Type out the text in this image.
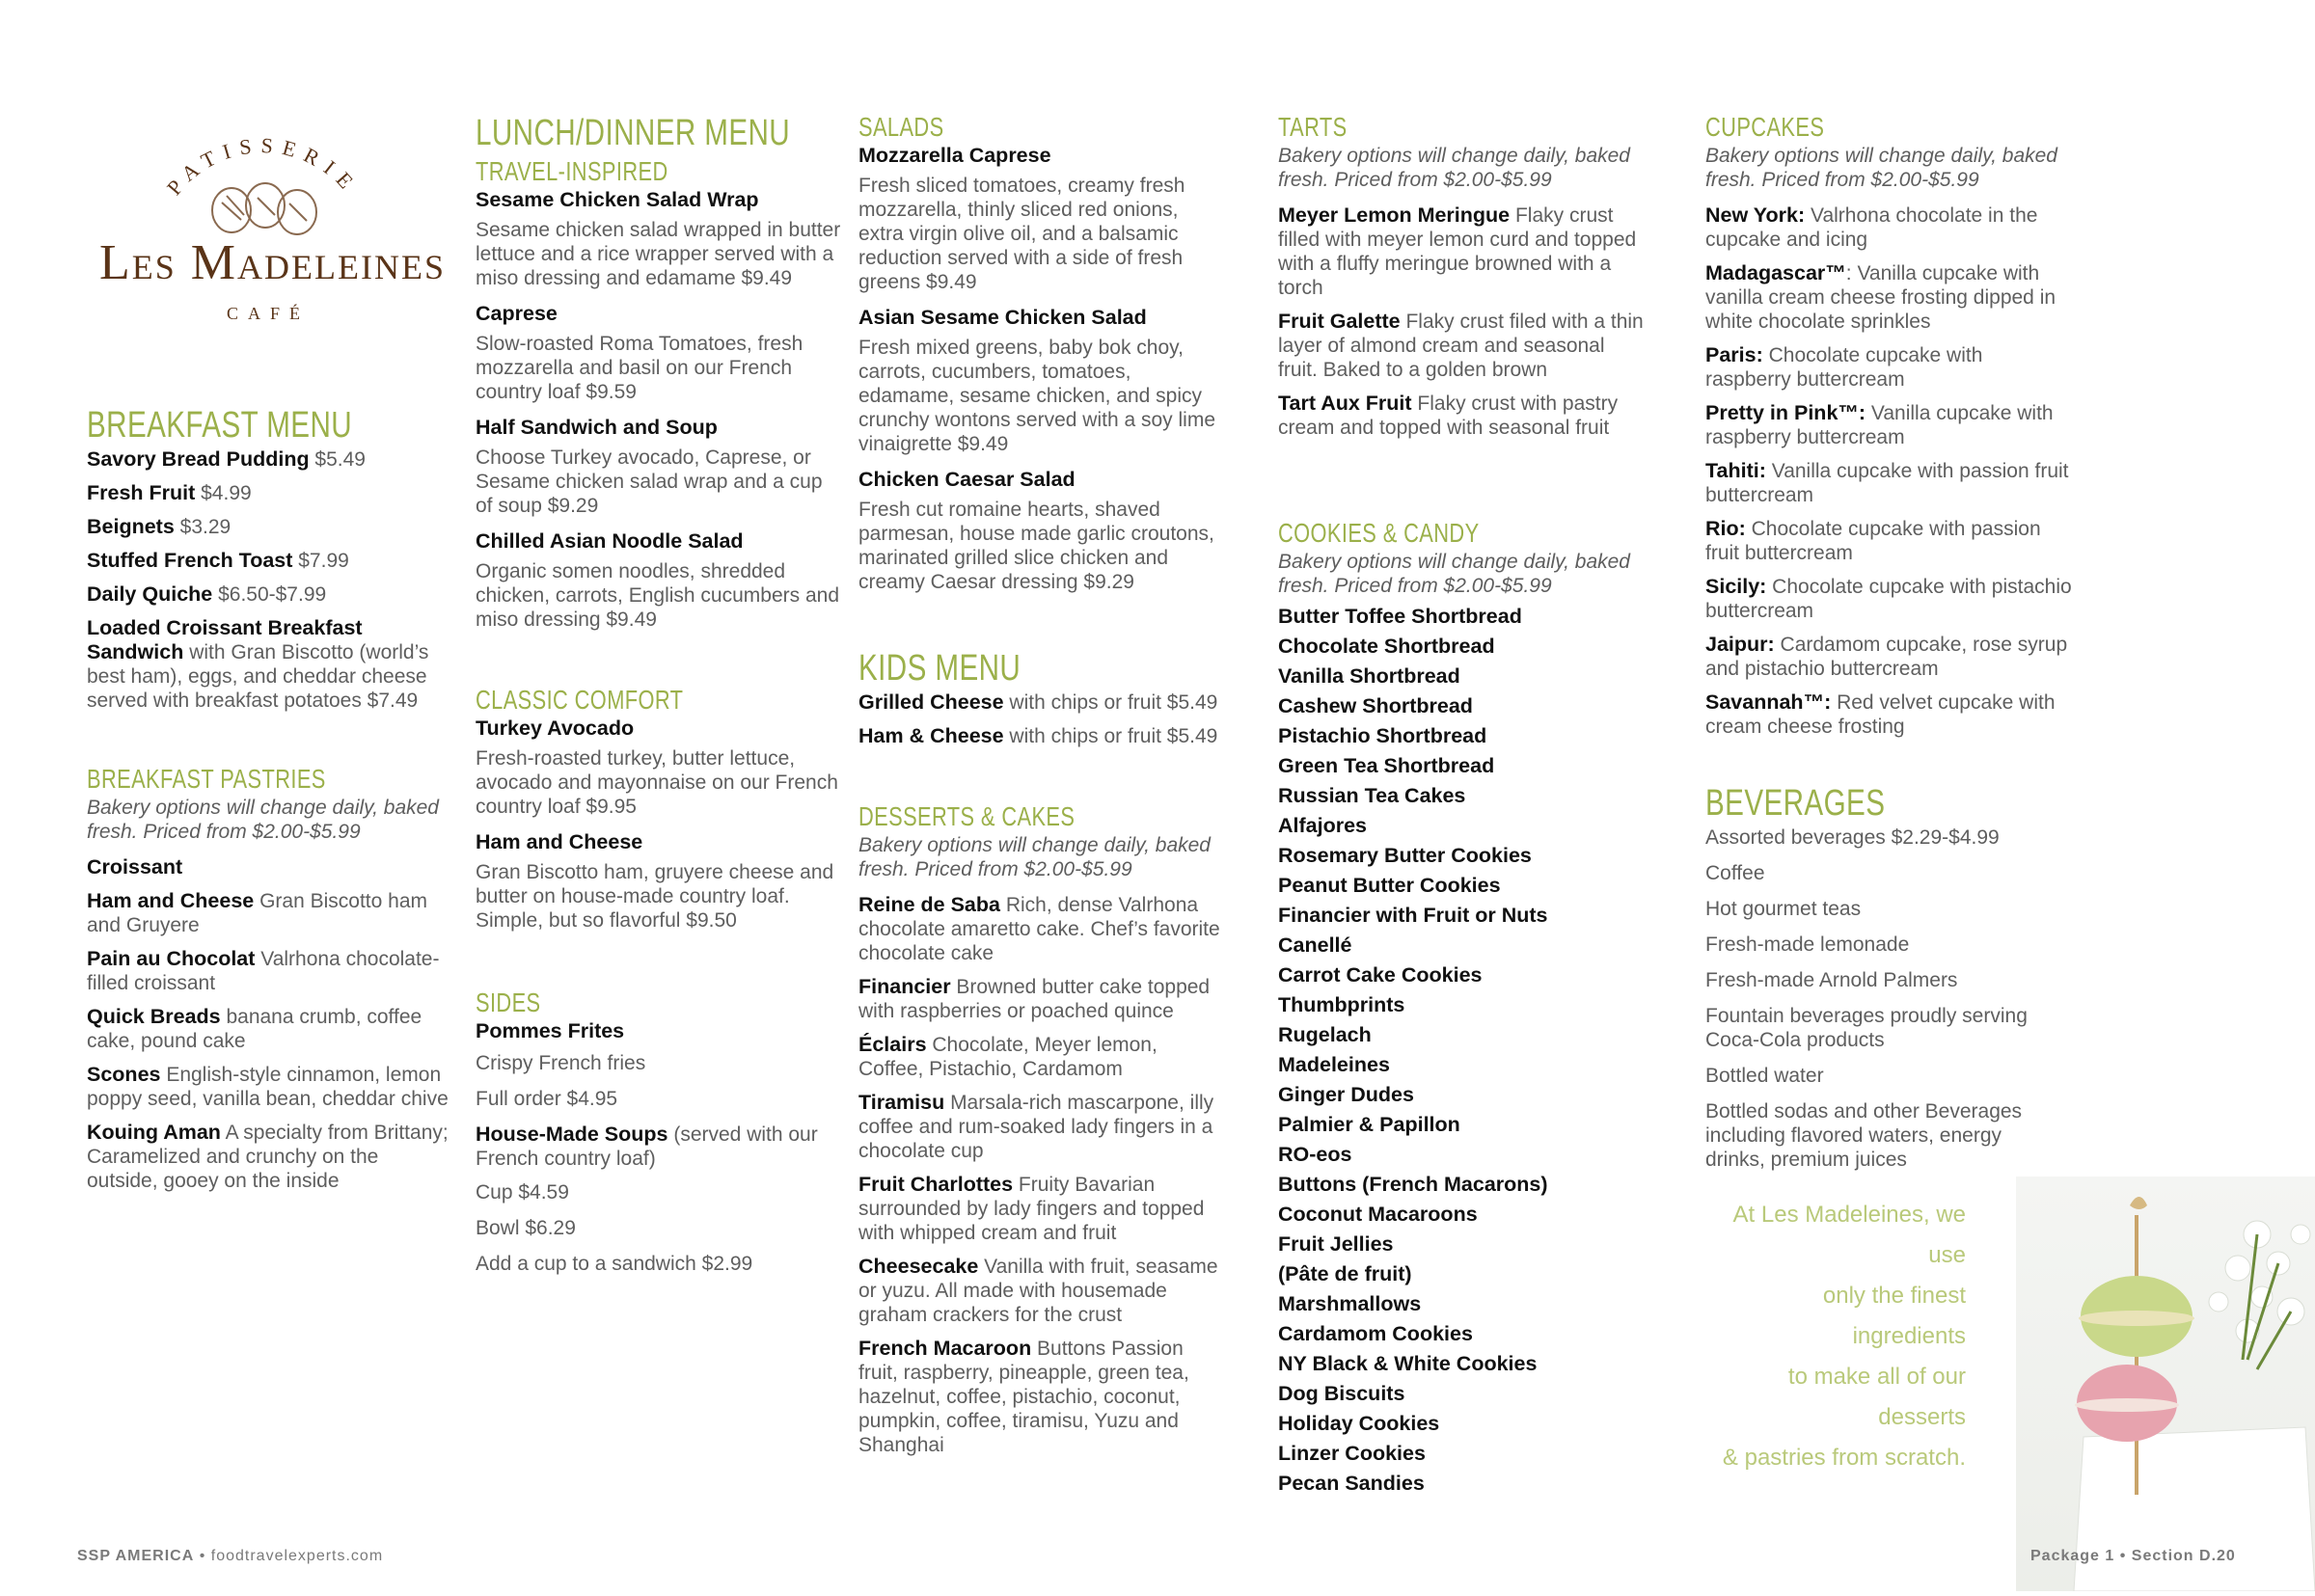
PATISSERIE
Les Madeleines
CAFÉ
BREAKFAST MENU
Savory Bread Pudding $5.49
Fresh Fruit $4.99
Beignets $3.29
Stuffed French Toast $7.99
Daily Quiche $6.50-$7.99
Loaded Croissant Breakfast Sandwich with Gran Biscotto (world’s best ham), eggs, and cheddar cheese served with breakfast potatoes $7.49
BREAKFAST PASTRIES
Bakery options will change daily, baked fresh. Priced from $2.00-$5.99
Croissant
Ham and Cheese Gran Biscotto ham and Gruyere
Pain au Chocolat Valrhona chocolate-filled croissant
Quick Breads banana crumb, coffee cake, pound cake
Scones English-style cinnamon, lemon poppy seed, vanilla bean, cheddar chive
Kouing Aman A specialty from Brittany; Caramelized and crunchy on the outside, gooey on the inside
LUNCH/DINNER MENU
TRAVEL-INSPIRED
Sesame Chicken Salad Wrap
Sesame chicken salad wrapped in butter lettuce and a rice wrapper served with a miso dressing and edamame $9.49
Caprese
Slow-roasted Roma Tomatoes, fresh mozzarella and basil on our French country loaf $9.59
Half Sandwich and Soup
Choose Turkey avocado, Caprese, or Sesame chicken salad wrap and a cup of soup $9.29
Chilled Asian Noodle Salad
Organic somen noodles, shredded chicken, carrots, English cucumbers and miso dressing $9.49
CLASSIC COMFORT
Turkey Avocado
Fresh-roasted turkey, butter lettuce, avocado and mayonnaise on our French country loaf $9.95
Ham and Cheese
Gran Biscotto ham, gruyere cheese and butter on house-made country loaf. Simple, but so flavorful $9.50
SIDES
Pommes Frites
Crispy French fries
Full order $4.95
House-Made Soups (served with our French country loaf)
Cup $4.59
Bowl $6.29
Add a cup to a sandwich $2.99
SALADS
Mozzarella Caprese
Fresh sliced tomatoes, creamy fresh mozzarella, thinly sliced red onions, extra virgin olive oil, and a balsamic reduction served with a side of fresh greens $9.49
Asian Sesame Chicken Salad
Fresh mixed greens, baby bok choy, carrots, cucumbers, tomatoes, edamame, sesame chicken, and spicy crunchy wontons served with a soy lime vinaigrette $9.49
Chicken Caesar Salad
Fresh cut romaine hearts, shaved parmesan, house made garlic croutons, marinated grilled slice chicken and creamy Caesar dressing $9.29
KIDS MENU
Grilled Cheese with chips or fruit $5.49
Ham & Cheese with chips or fruit $5.49
DESSERTS & CAKES
Bakery options will change daily, baked fresh. Priced from $2.00-$5.99
Reine de Saba Rich, dense Valrhona chocolate amaretto cake. Chef’s favorite chocolate cake
Financier Browned butter cake topped with raspberries or poached quince
Éclairs Chocolate, Meyer lemon, Coffee, Pistachio, Cardamom
Tiramisu Marsala-rich mascarpone, illy coffee and rum-soaked lady fingers in a chocolate cup
Fruit Charlottes Fruity Bavarian surrounded by lady fingers and topped with whipped cream and fruit
Cheesecake Vanilla with fruit, seasame or yuzu. All made with housemade graham crackers for the crust
French Macaroon Buttons Passion fruit, raspberry, pineapple, green tea, hazelnut, coffee, pistachio, coconut, pumpkin, coffee, tiramisu, Yuzu and Shanghai
TARTS
Bakery options will change daily, baked fresh. Priced from $2.00-$5.99
Meyer Lemon Meringue Flaky crust filled with meyer lemon curd and topped with a fluffy meringue browned with a torch
Fruit Galette Flaky crust filed with a thin layer of almond cream and seasonal fruit. Baked to a golden brown
Tart Aux Fruit Flaky crust with pastry cream and topped with seasonal fruit
COOKIES & CANDY
Bakery options will change daily, baked fresh. Priced from $2.00-$5.99
Butter Toffee Shortbread
Chocolate Shortbread
Vanilla Shortbread
Cashew Shortbread
Pistachio Shortbread
Green Tea Shortbread
Russian Tea Cakes
Alfajores
Rosemary Butter Cookies
Peanut Butter Cookies
Financier with Fruit or Nuts
Canellé
Carrot Cake Cookies
Thumbprints
Rugelach
Madeleines
Ginger Dudes
Palmier & Papillon
RO-eos
Buttons (French Macarons)
Coconut Macaroons
Fruit Jellies
(Pâte de fruit)
Marshmallows
Cardamom Cookies
NY Black & White Cookies
Dog Biscuits
Holiday Cookies
Linzer Cookies
Pecan Sandies
CUPCAKES
Bakery options will change daily, baked fresh. Priced from $2.00-$5.99
New York: Valrhona chocolate in the cupcake and icing
Madagascar™: Vanilla cupcake with vanilla cream cheese frosting dipped in white chocolate sprinkles
Paris: Chocolate cupcake with raspberry buttercream
Pretty in Pink™: Vanilla cupcake with raspberry buttercream
Tahiti: Vanilla cupcake with passion fruit buttercream
Rio: Chocolate cupcake with passion fruit buttercream
Sicily: Chocolate cupcake with pistachio buttercream
Jaipur: Cardamom cupcake, rose syrup and pistachio buttercream
Savannah™: Red velvet cupcake with cream cheese frosting
BEVERAGES
Assorted beverages $2.29-$4.99
Coffee
Hot gourmet teas
Fresh-made lemonade
Fresh-made Arnold Palmers
Fountain beverages proudly serving Coca-Cola products
Bottled water
Bottled sodas and other Beverages including flavored waters, energy drinks, premium juices
At Les Madeleines, we use
only the finest ingredients
to make all of our desserts
& pastries from scratch.
SSP AMERICA • foodtravelexperts.com	Package 1 • Section D.20
